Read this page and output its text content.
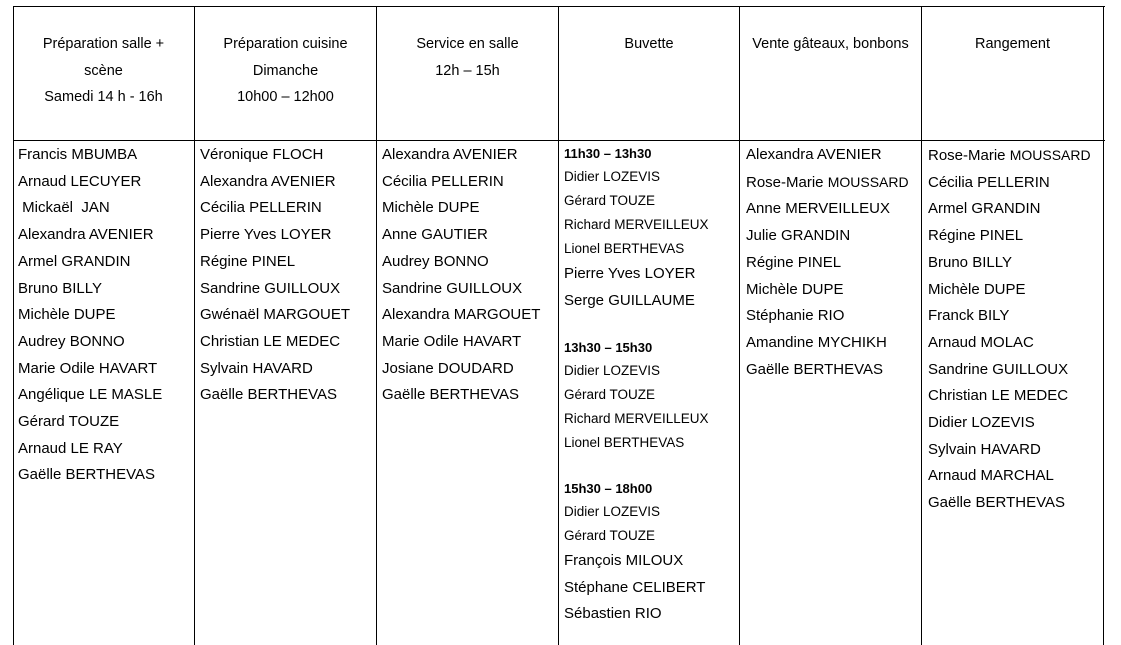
Préparation salle +
scène
Samedi 14 h - 16h
Préparation cuisine
Dimanche
10h00 – 12h00
Service en salle
12h – 15h
Buvette	Vente gâteaux, bonbons	Rangement
Francis MBUMBA
Arnaud LECUYER
Mickaël  JAN
Alexandra AVENIER
Armel GRANDIN
Bruno BILLY
Michèle DUPE
Audrey BONNO
Marie Odile HAVART
Angélique LE MASLE
Gérard TOUZE
Arnaud LE RAY
Gaëlle BERTHEVAS
Véronique FLOCH
Alexandra AVENIER
Cécilia PELLERIN
Pierre Yves LOYER
Régine PINEL
Sandrine GUILLOUX
Gwénaël MARGOUET
Christian LE MEDEC
Sylvain HAVARD
Gaëlle BERTHEVAS
Alexandra AVENIER
Cécilia PELLERIN
Michèle DUPE
Anne GAUTIER
Audrey BONNO
Sandrine GUILLOUX
Alexandra MARGOUET
Marie Odile HAVART
Josiane DOUDARD
Gaëlle BERTHEVAS
11h30 – 13h30
Didier LOZEVIS
Gérard TOUZE
Richard MERVEILLEUX
Lionel BERTHEVAS
Pierre Yves LOYER
Serge GUILLAUME
13h30 – 15h30
Didier LOZEVIS
Gérard TOUZE
Richard MERVEILLEUX
Lionel BERTHEVAS
15h30 – 18h00
Didier LOZEVIS
Gérard TOUZE
François MILOUX
Stéphane CELIBERT
Sébastien RIO
Alexandra AVENIER
Rose-Marie MOUSSARD
Anne MERVEILLEUX
Julie GRANDIN
Régine PINEL
Michèle DUPE
Stéphanie RIO
Amandine MYCHIKH
Gaëlle BERTHEVAS
Rose-Marie MOUSSARD
Cécilia PELLERIN
Armel GRANDIN
Régine PINEL
Bruno BILLY
Michèle DUPE
Franck BILY
Arnaud MOLAC
Sandrine GUILLOUX
Christian LE MEDEC
Didier LOZEVIS
Sylvain HAVARD
Arnaud MARCHAL
Gaëlle BERTHEVAS
